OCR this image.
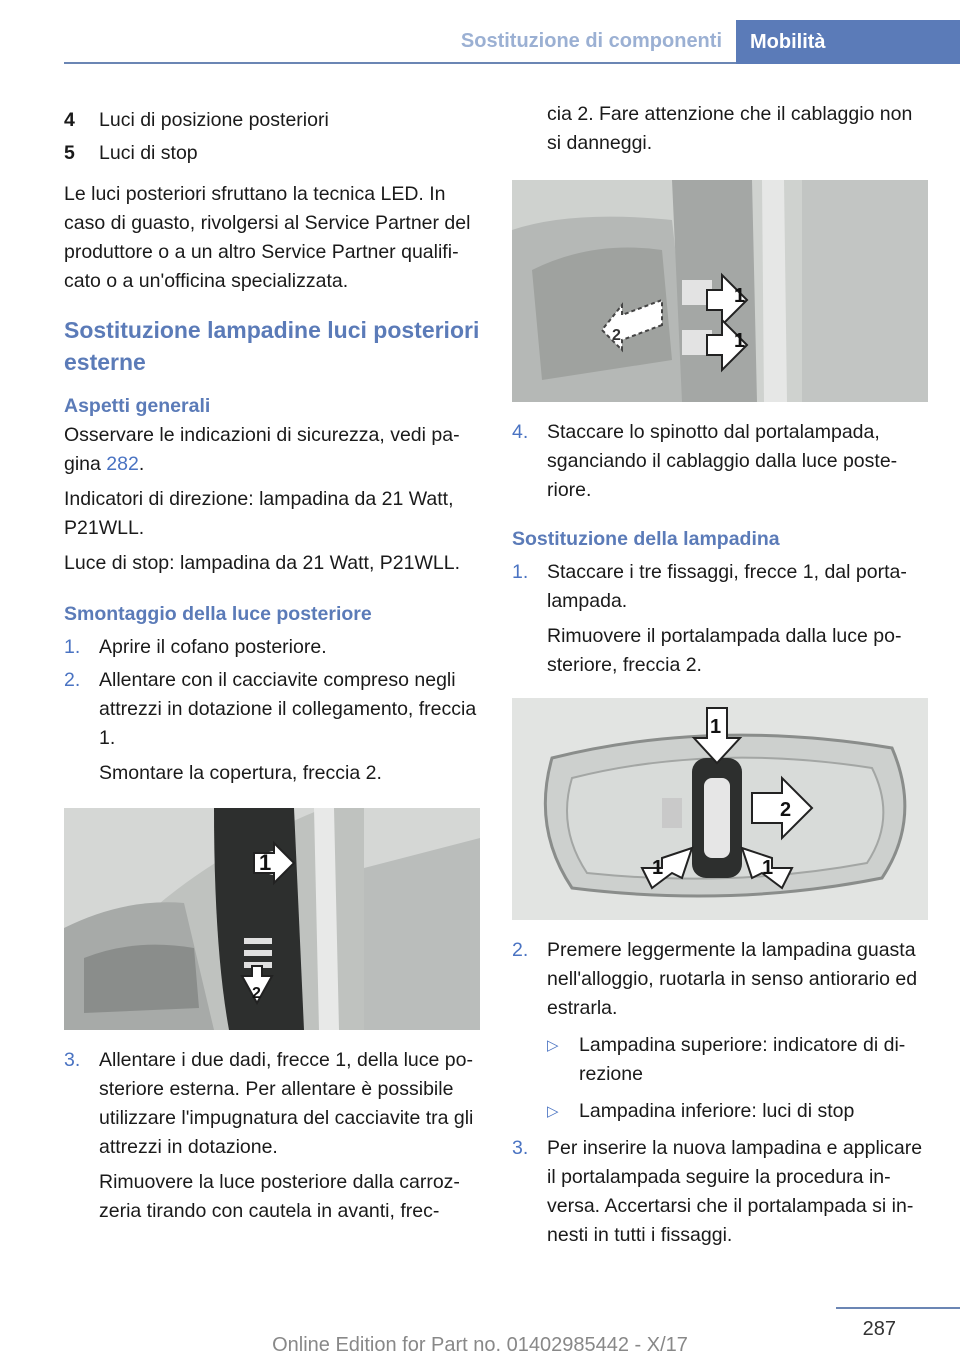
Sostituzione di componenti	Mobilità
4	Luci di posizione posteriori
5	Luci di stop

Le luci posteriori sfruttano la tecnica LED. In caso di guasto, rivolgersi al Service Partner del produttore o a un altro Service Partner qualificato o a un'officina specializzata.

Sostituzione lampadine luci posteriori esterne
Aspetti generali

Osservare le indicazioni di sicurezza, vedi pagina 282.

Indicatori di direzione: lampadina da 21 Watt, P21WLL.

Luce di stop: lampadina da 21 Watt, P21WLL.

Smontaggio della luce posteriore
1. Aprire il cofano posteriore.
2. Allentare con il cacciavite compreso negli attrezzi in dotazione il collegamento, freccia 1.

Smontare la copertura, freccia 2.

1
2
3. Allentare i due dadi, frecce 1, della luce posteriore esterna. Per allentare è possibile utilizzare l'impugnatura del cacciavite tra gli attrezzi in dotazione.

Rimuovere la luce posteriore dalla carrozzeria tirando con cautela in avanti, frec-

cia 2. Fare attenzione che il cablaggio non si danneggi.

1
1
2
4. Staccare lo spinotto dal portalampada, sganciando il cablaggio dalla luce posteriore.
Sostituzione della lampadina
1. Staccare i tre fissaggi, frecce 1, dal portalampada.

Rimuovere il portalampada dalla luce posteriore, freccia 2.

1
2
1	1
2. Premere leggermente la lampadina guasta nell'alloggio, ruotarla in senso antiorario ed estrarla.
▷	Lampadina superiore: indicatore di direzione
▷	Lampadina inferiore: luci di stop
3. Per inserire la nuova lampadina e applicare il portalampada seguire la procedura inversa. Accertarsi che il portalampada si innesti in tutti i fissaggi.
287
Online Edition for Part no. 01402985442 - X/17
